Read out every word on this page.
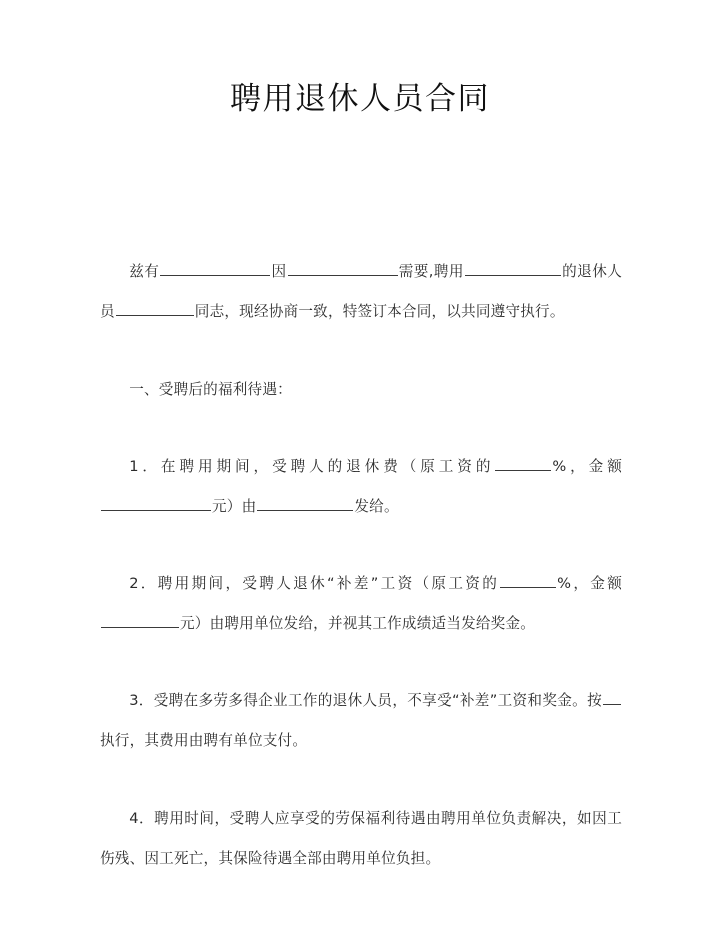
聘用退休人员合同

兹有	因	需要,聘用	的退休人员	同志，现经协商一致，特签订本合同，以共同遵守执行。

一、受聘后的福利待遇：

1．在聘用期间，受聘人的退休费（原工资的	%，金额元）由	发给。

2．聘用期间，受聘人退休“补差”工资（原工资的	%，金额元）由聘用单位发给，并视其工作成绩适当发给奖金。

3．受聘在多劳多得企业工作的退休人员，不享受“补差”工资和奖金。按执行，其费用由聘有单位支付。

4．聘用时间，受聘人应享受的劳保福利待遇由聘用单位负责解决，如因工伤残、因工死亡，其保险待遇全部由聘用单位负担。
